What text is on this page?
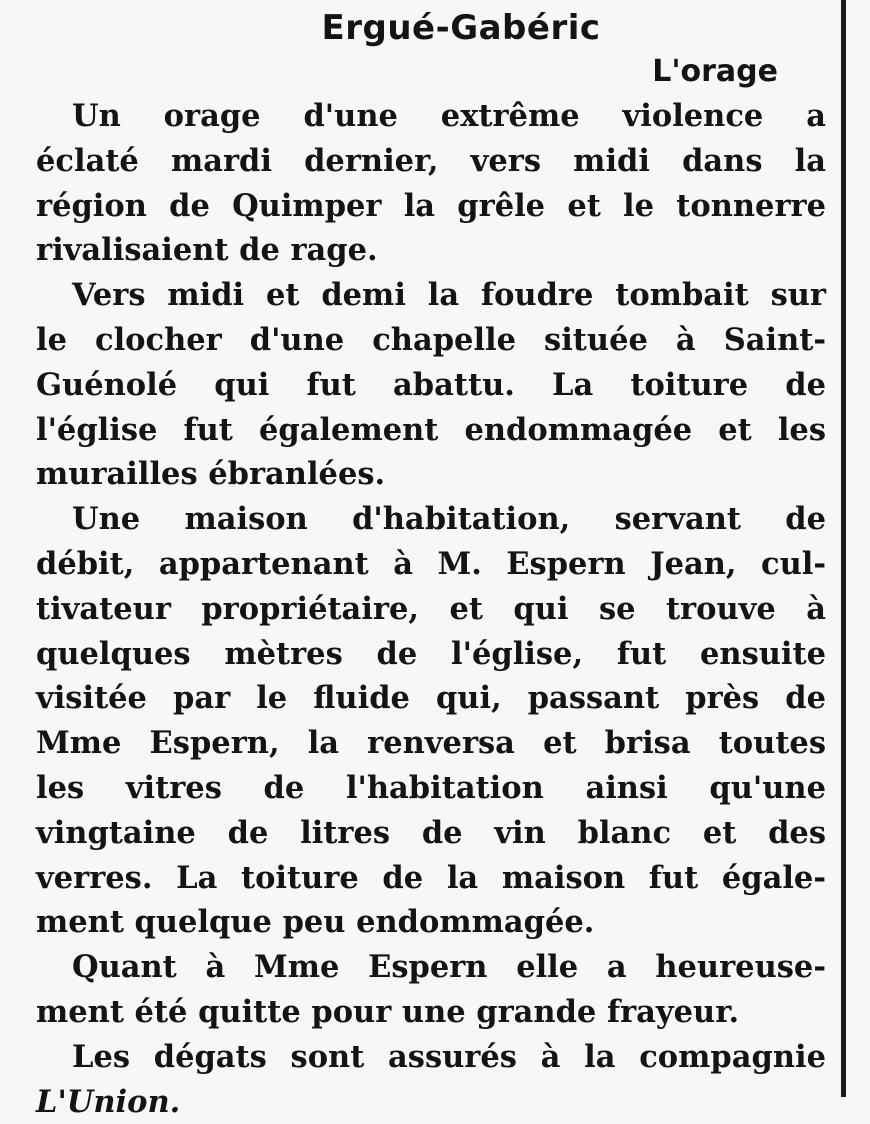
Ergué-Gabéric
L'orage

Un orage d'une extrême violence a
éclaté mardi dernier, vers midi dans la
région de Quimper la grêle et le tonnerre
rivalisaient de rage.

Vers midi et demi la foudre tombait sur
le clocher d'une chapelle située à Saint-
Guénolé qui fut abattu. La toiture de
l'église fut également endommagée et les
murailles ébranlées.

Une maison d'habitation, servant de
débit, appartenant à M. Espern Jean, cul-
tivateur propriétaire, et qui se trouve à
quelques mètres de l'église, fut ensuite
visitée par le fluide qui, passant près de
Mme Espern, la renversa et brisa toutes
les vitres de l'habitation ainsi qu'une
vingtaine de litres de vin blanc et des
verres. La toiture de la maison fut égale-
ment quelque peu endommagée.

Quant à Mme Espern elle a heureuse-
ment été quitte pour une grande frayeur.

Les dégats sont assurés à la compagnie
L'Union.
